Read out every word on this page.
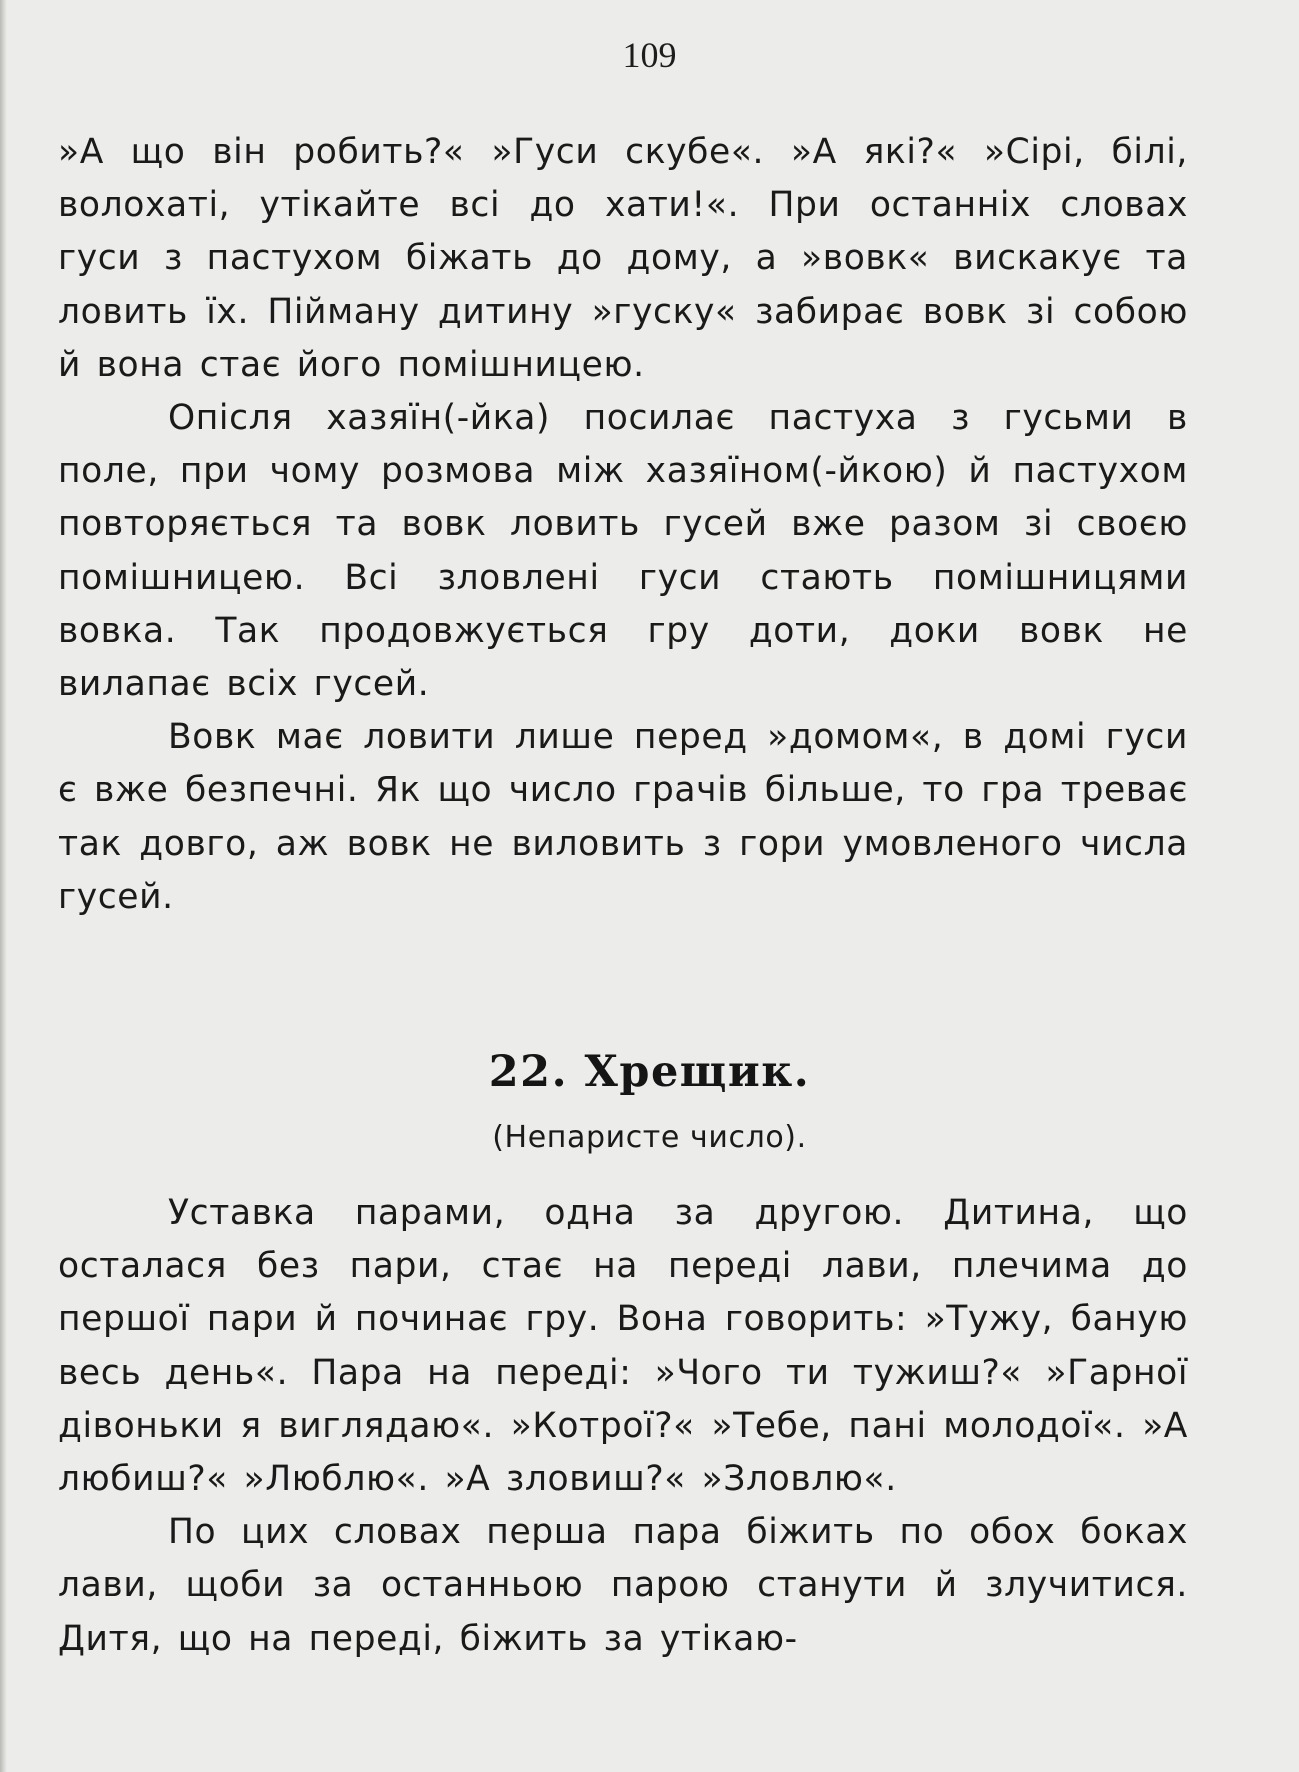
109

»А що він робить?« »Гуси скубе«. »А які?« »Сірі, білі, волохаті, утікайте всі до хати!«. При останніх словах гуси з пастухом біжать до дому, а »вовк« вискакує та ловить їх. Пійману дитину »гуску« забирає вовк зі собою й вона стає його помішницею.

Опісля хазяїн(-йка) посилає пастуха з гусьми в поле, при чому розмова між хазяїном(-йкою) й пастухом повторяється та вовк ловить гусей вже разом зі своєю помішницею. Всі зловлені гуси стають помішницями вовка. Так продовжується гру доти, доки вовк не вилапає всіх гусей.

Вовк має ловити лише перед »домом«, в домі гуси є вже безпечні. Як що число грачів більше, то гра треває так довго, аж вовк не виловить з гори умовленого числа гусей.

22. Хрещик.
(Непаристе число).

Уставка парами, одна за другою. Дитина, що осталася без пари, стає на переді лави, плечима до першої пари й починає гру. Вона говорить: »Тужу, баную весь день«. Пара на переді: »Чого ти тужиш?« »Гарної дівоньки я виглядаю«. »Котрої?« »Тебе, пані молодої«. »А любиш?« »Люблю«. »А зловиш?« »Зловлю«.

По цих словах перша пара біжить по обох боках лави, щоби за останньою парою станути й злучитися. Дитя, що на переді, біжить за утікаю-
